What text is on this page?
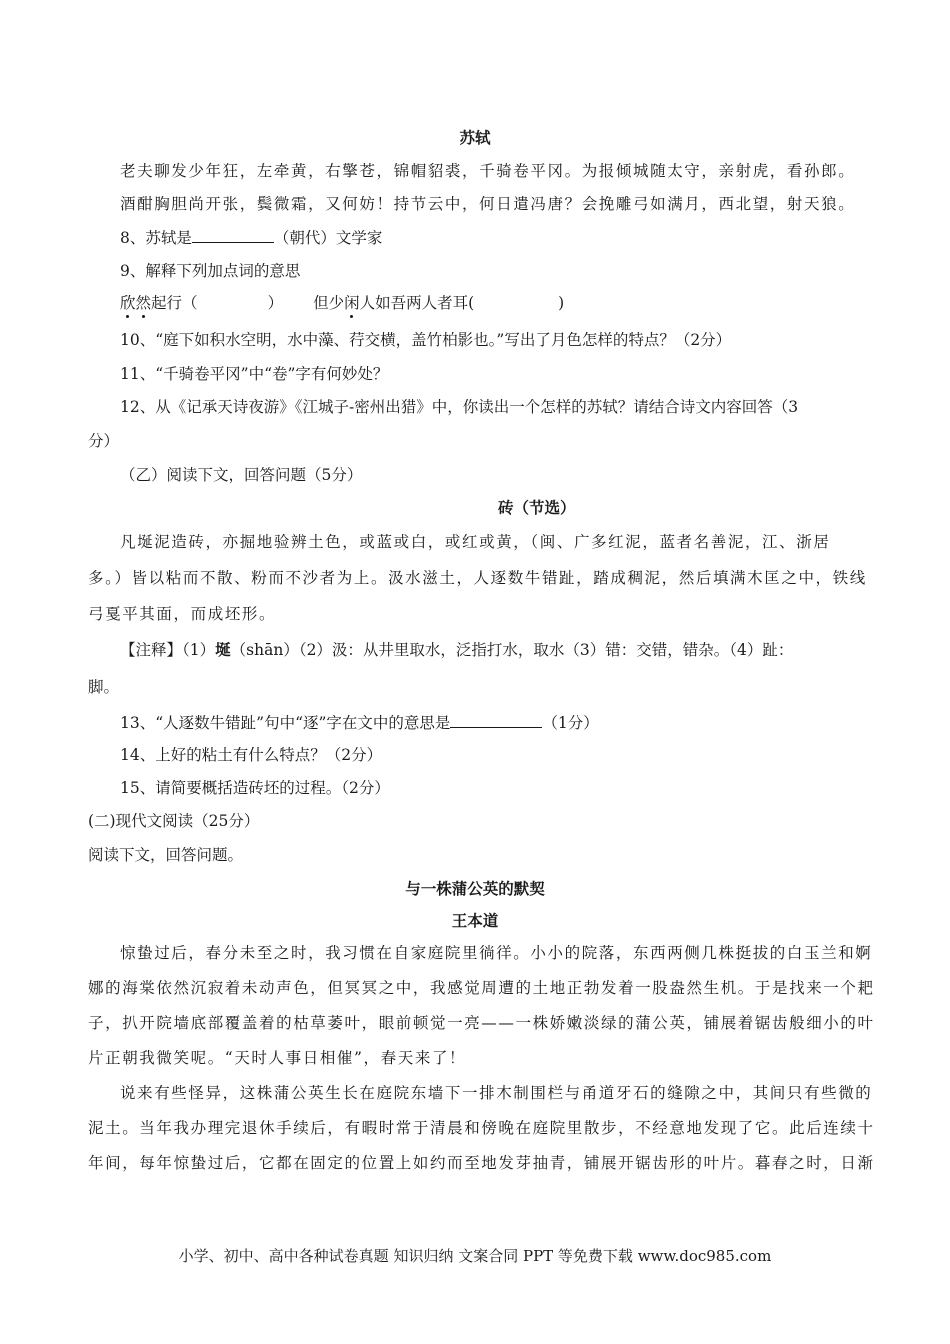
苏轼
老夫聊发少年狂，左牵黄，右擎苍，锦帽貂裘，千骑卷平冈。为报倾城随太守，亲射虎，看孙郎。
酒酣胸胆尚开张，鬓微霜，又何妨！持节云中，何日遣冯唐？会挽雕弓如满月，西北望，射天狼。
8、苏轼是	（朝代）文学家
9、解释下列加点词的意思
欣然起行（	） 但少闲人如吾两人者耳(	)
10、“庭下如积水空明，水中藻、荇交横，盖竹柏影也。”写出了月色怎样的特点？（2分）
11、“千骑卷平冈”中“卷”字有何妙处？
12、从《记承天诗夜游》《江城子-密州出猎》中，你读出一个怎样的苏轼？请结合诗文内容回答（3
分）
（乙）阅读下文，回答问题（5分）
砖（节选）
凡埏泥造砖，亦掘地验辨土色，或蓝或白，或红或黄，（闽、广多红泥，蓝者名善泥，江、浙居
多。）皆以粘而不散、粉而不沙者为上。汲水滋土，人逐数牛错趾，踏成稠泥，然后填满木匡之中，铁线
弓戛平其面，而成坯形。
【注释】（1）埏（shān）（2）汲：从井里取水，泛指打水，取水（3）错：交错，错杂。（4）趾：
脚。
13、“人逐数牛错趾”句中“逐”字在文中的意思是	（1分）
14、上好的粘土有什么特点？（2分）
15、请简要概括造砖坯的过程。（2分）
(二)现代文阅读（25分）
阅读下文，回答问题。
与一株蒲公英的默契
王本道
惊蛰过后，春分未至之时，我习惯在自家庭院里徜徉。小小的院落，东西两侧几株挺拔的白玉兰和婀
娜的海棠依然沉寂着未动声色，但冥冥之中，我感觉周遭的土地正勃发着一股盎然生机。于是找来一个耙
子，扒开院墙底部覆盖着的枯草萎叶，眼前顿觉一亮——一株娇嫩淡绿的蒲公英，铺展着锯齿般细小的叶
片正朝我微笑呢。“天时人事日相催”，春天来了！
说来有些怪异，这株蒲公英生长在庭院东墙下一排木制围栏与甬道牙石的缝隙之中，其间只有些微的
泥土。当年我办理完退休手续后，有暇时常于清晨和傍晚在庭院里散步，不经意地发现了它。此后连续十
年间，每年惊蛰过后，它都在固定的位置上如约而至地发芽抽青，铺展开锯齿形的叶片。暮春之时，日渐
小学、初中、高中各种试卷真题 知识归纳 文案合同 PPT 等免费下载 www.doc985.com
